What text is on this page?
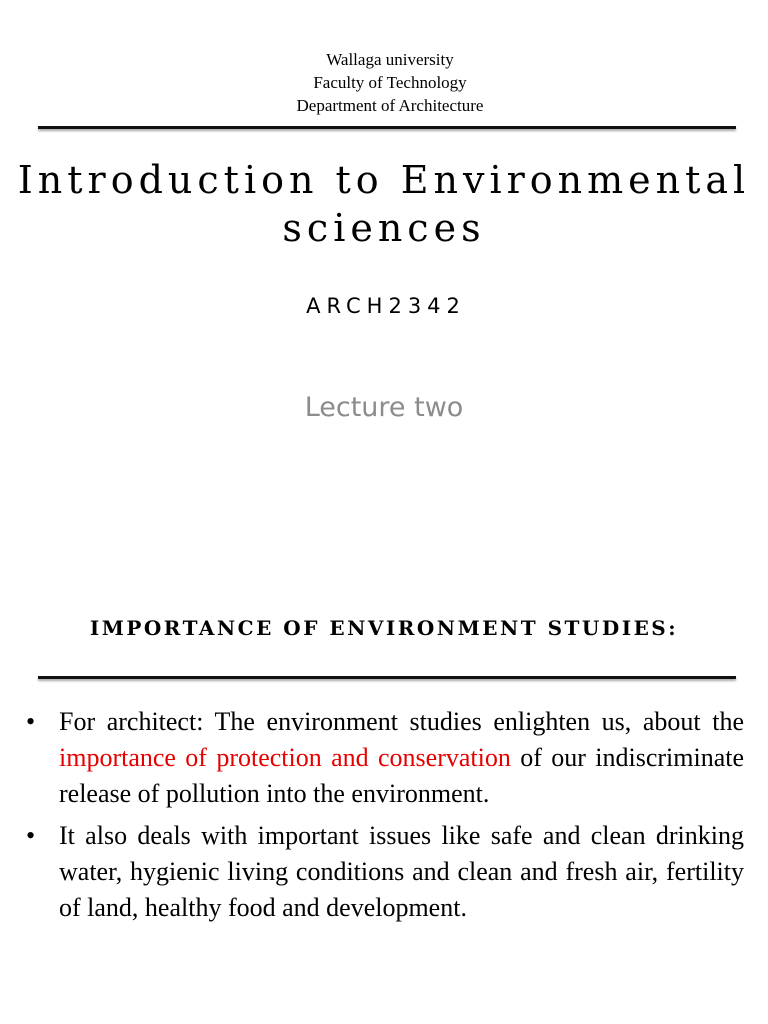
Wallaga university
Faculty of Technology
Department of Architecture
Introduction to Environmental
sciences
ARCH2342
Lecture two
IMPORTANCE OF ENVIRONMENT STUDIES:
• For architect: The environment studies enlighten us, about the importance of protection and conservation of our indiscriminate release of pollution into the environment.
• It also deals with important issues like safe and clean drinking water, hygienic living conditions and clean and fresh air, fertility of land, healthy food and development.
